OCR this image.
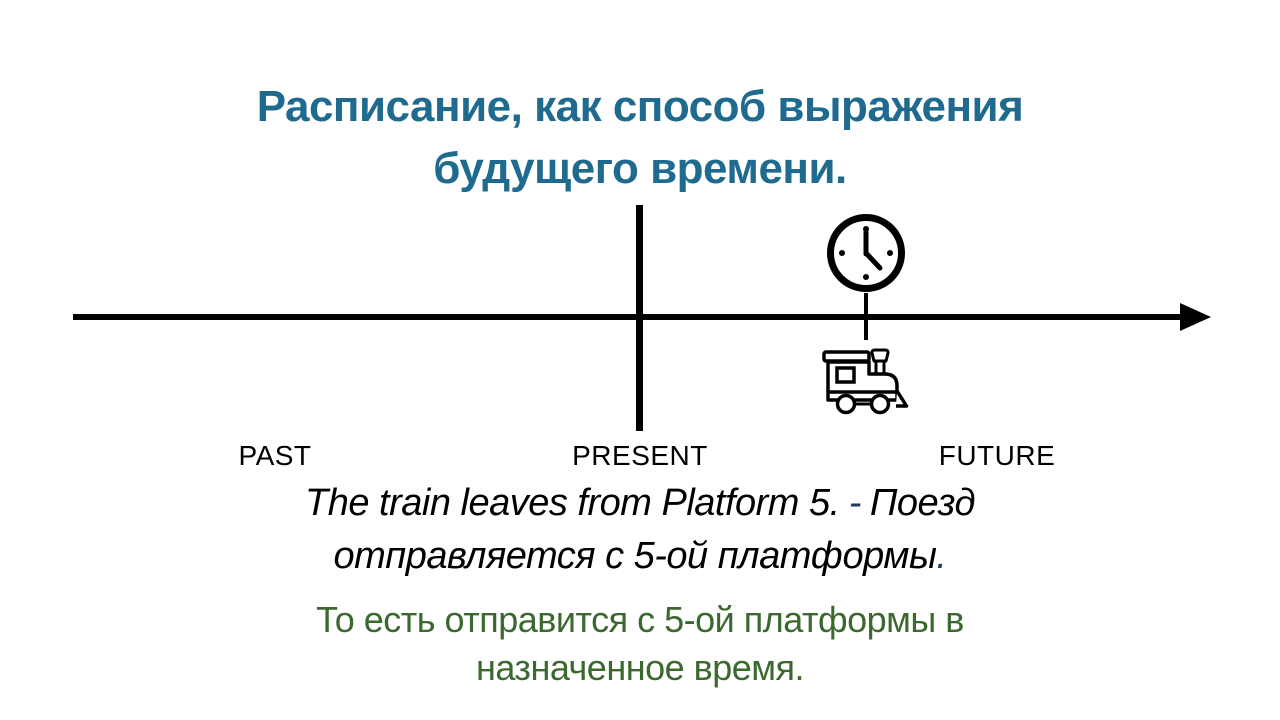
Расписание, как способ выражения
будущего времени.
PAST	PRESENT	FUTURE
The train leaves from Platform 5. - Поезд
отправляется с 5-ой платформы.
То есть отправится с 5-ой платформы в
назначенное время.
